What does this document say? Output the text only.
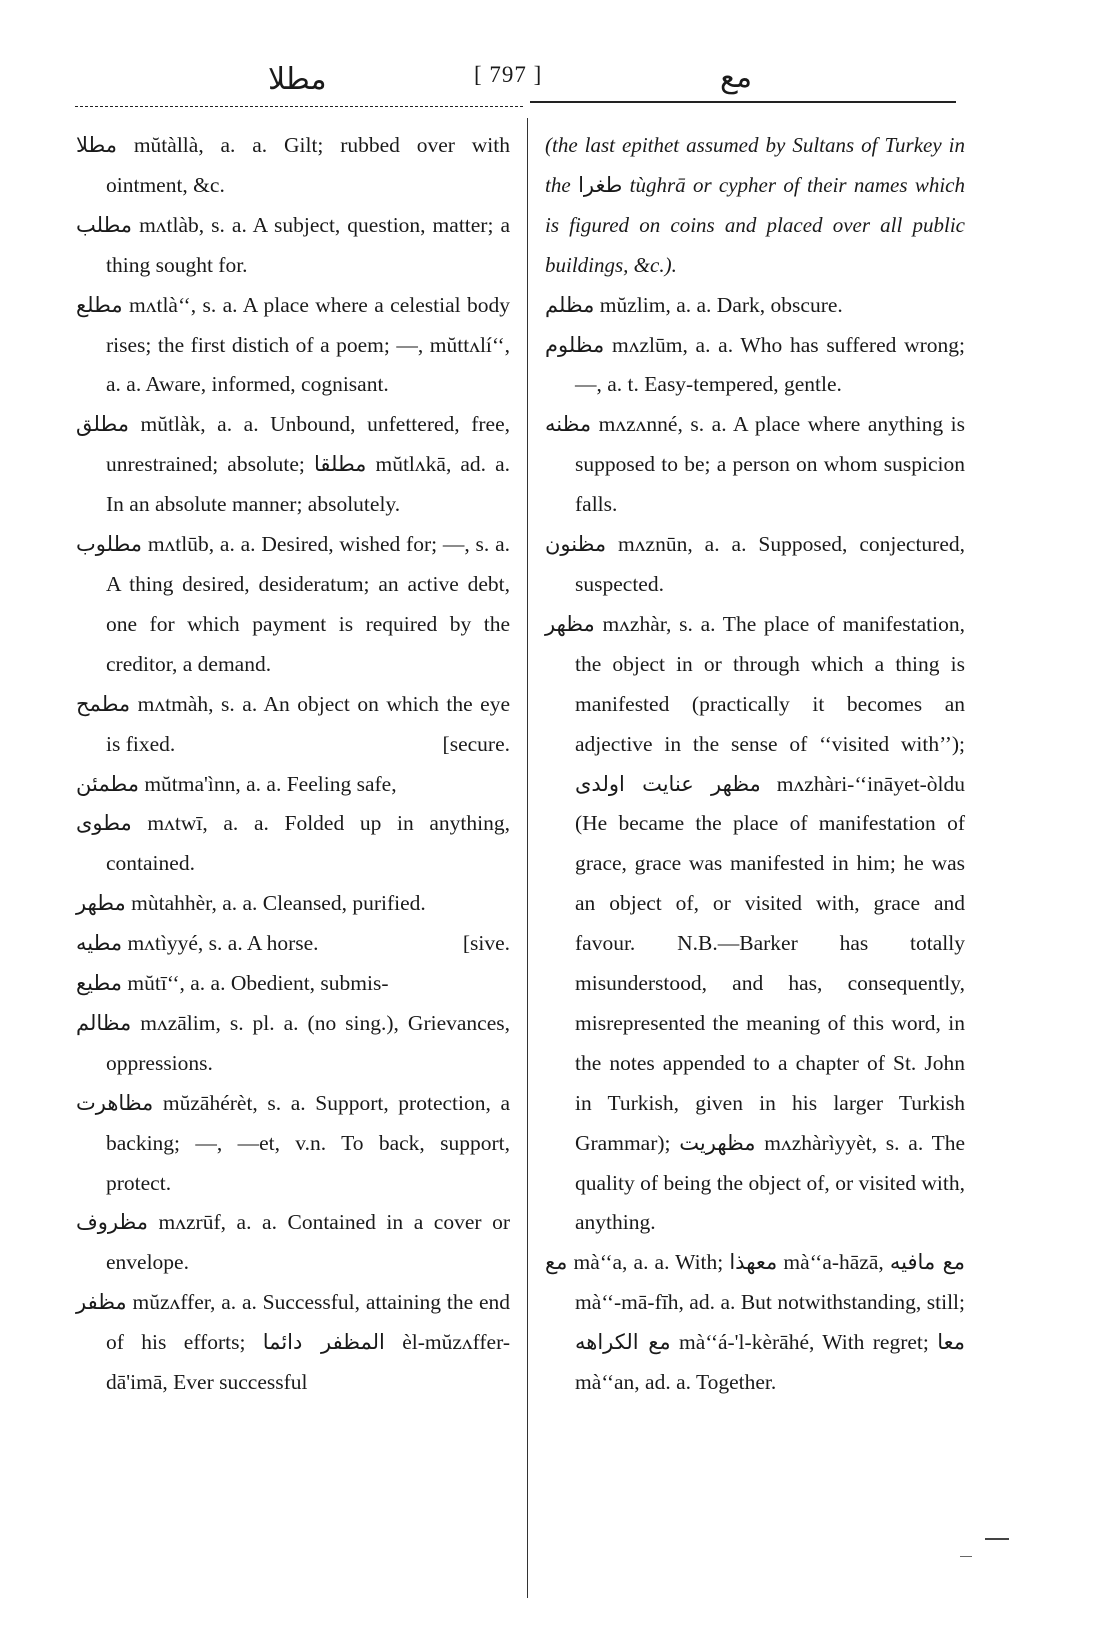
مطلا	[ 797 ]	مع

مطلا mŭtàllà, a. a. Gilt; rubbed over with ointment, &c.

مطلب mʌtlàb, s. a. A subject, question, matter; a thing sought for.

مطلع mʌtlà‘‘, s. a. A place where a celestial body rises; the first distich of a poem; —, mŭttʌlí‘‘, a. a. Aware, informed, cognisant.

مطلق mŭtlàk, a. a. Unbound, unfettered, free, unrestrained; absolute; مطلقا mŭtlʌkā, ad. a. In an absolute manner; absolutely.

مطلوب mʌtlūb, a. a. Desired, wished for; —, s. a. A thing desired, desideratum; an active debt, one for which payment is required by the creditor, a demand.

مطمح mʌtmàh, s. a. An object on which the eye is fixed.	[secure.

مطمئن mŭtma'ìnn, a. a. Feeling safe,

مطوی mʌtwī, a. a. Folded up in anything, contained.

مطهر mùtahhèr, a. a. Cleansed, purified.

مطیه mʌtìyyé, s. a. A horse.	[sive.

مطیع mŭtī‘‘, a. a. Obedient, submis-

مظالم mʌzālim, s. pl. a. (no sing.), Grievances, oppressions.

مظاهرت mŭzāhérèt, s. a. Support, protection, a backing; —, —et, v.n. To back, support, protect.

مظروف mʌzrūf, a. a. Contained in a cover or envelope.

مظفر mŭzʌffer, a. a. Successful, attaining the end of his efforts; المظفر دائما èl-mŭzʌffer-dā'imā, Ever successful

(the last epithet assumed by Sultans of Turkey in the طغرا tùghrā or cypher of their names which is figured on coins and placed over all public buildings, &c.).

مظلم mŭzlim, a. a. Dark, obscure.

مظلوم mʌzlūm, a. a. Who has suffered wrong; —, a. t. Easy-tempered, gentle.

مظنه mʌzʌnné, s. a. A place where anything is supposed to be; a person on whom suspicion falls.

مظنون mʌznūn, a. a. Supposed, conjectured, suspected.

مظهر mʌzhàr, s. a. The place of manifestation, the object in or through which a thing is manifested (practically it becomes an adjective in the sense of ‘‘visited with’’); مظهر عنایت اولدی mʌzhàri-‘‘ināyet-òldu (He became the place of manifestation of grace, grace was manifested in him; he was an object of, or visited with, grace and favour. N.B.—Barker has totally misunderstood, and has, consequently, misrepresented the meaning of this word, in the notes appended to a chapter of St. John in Turkish, given in his larger Turkish Grammar); مظهریت mʌzhàrìyyèt, s. a. The quality of being the object of, or visited with, anything.

مع mà‘‘a, a. a. With; معهذا mà‘‘a-hāzā, مع مافیه mà‘‘-mā-fīh, ad. a. But notwithstanding, still; مع الکراهه mà‘‘á-'l-kèrāhé, With regret; معا mà‘‘an, ad. a. Together.
